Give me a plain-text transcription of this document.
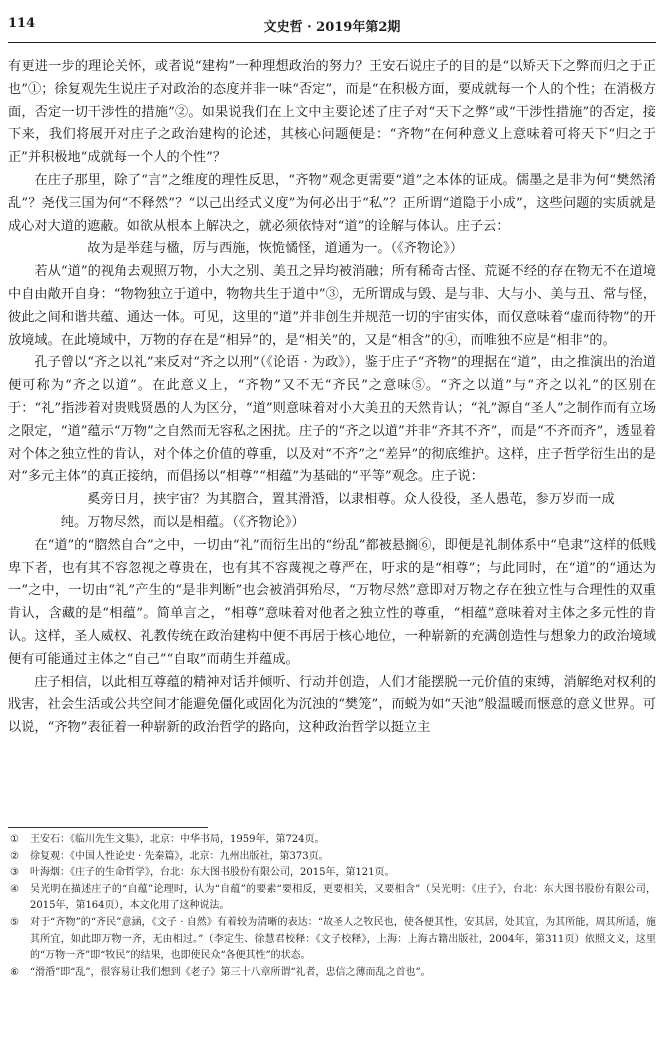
114	文史哲 · 2019年第2期

有更进一步的理论关怀，或者说“建构”一种理想政治的努力？王安石说庄子的目的是“以矫天下之弊而归之于正也”①；徐复观先生说庄子对政治的态度并非一味“否定”，而是“在积极方面，要成就每一个人的个性；在消极方面，否定一切干涉性的措施”②。如果说我们在上文中主要论述了庄子对“天下之弊”或“干涉性措施”的否定，接下来，我们将展开对庄子之政治建构的论述，其核心问题便是：“齐物”在何种意义上意味着可将天下“归之于正”并积极地“成就每一个人的个性”？

在庄子那里，除了“言”之维度的理性反思，“齐物”观念更需要“道”之本体的证成。儒墨之是非为何“樊然淆乱”？尧伐三国为何“不释然”？“以己出经式义度”为何必出于“私”？正所谓“道隐于小成”，这些问题的实质就是成心对大道的遮蔽。如欲从根本上解决之，就必须依恃对“道”的诠解与体认。庄子云：

故为是举莛与楹，厉与西施，恢恑憰怪，道通为一。（《齐物论》）

若从“道”的视角去观照万物，小大之别、美丑之异均被消融；所有稀奇古怪、荒诞不经的存在物无不在道境中自由敞开自身：“物物独立于道中，物物共生于道中”③，无所谓成与毁、是与非、大与小、美与丑、常与怪，彼此之间和谐共蕴、通达一体。可见，这里的“道”并非创生并规范一切的宇宙实体，而仅意味着“虚而待物”的开放境域。在此境域中，万物的存在是“相异”的，是“相关”的，又是“相含”的④，而唯独不应是“相非”的。

孔子曾以“齐之以礼”来反对“齐之以刑”（《论语 · 为政》），鉴于庄子“齐物”的理据在“道”，由之推演出的治道便可称为“齐之以道”。在此意义上，“齐物”又不无“齐民”之意味⑤。“齐之以道”与“齐之以礼”的区别在于：“礼”指涉着对贵贱贤愚的人为区分，“道”则意味着对小大美丑的天然肯认；“礼”源自“圣人”之制作而有立场之限定，“道”蕴示“万物”之自然而无容私之困扰。庄子的“齐之以道”并非“齐其不齐”，而是“不齐而齐”，透显着对个体之独立性的肯认，对个体之价值的尊重，以及对“不齐”之“差异”的彻底维护。这样，庄子哲学衍生出的是对“多元主体”的真正接纳，而倡扬以“相尊”“相蕴”为基础的“平等”观念。庄子说：

奚旁日月，挟宇宙？为其脗合，置其滑涽，以隶相尊。众人役役，圣人愚芚，参万岁而一成
纯。万物尽然，而以是相蕴。（《齐物论》）

在“道”的“脗然自合”之中，一切由“礼”而衍生出的“纷乱”都被悬搁⑥，即便是礼制体系中“皂隶”这样的低贱卑下者，也有其不容忽视之尊贵在，也有其不容蔑视之尊严在，吁求的是“相尊”；与此同时，在“道”的“通达为一”之中，一切由“礼”产生的“是非判断”也会被消弭殆尽，“万物尽然”意即对万物之存在独立性与合理性的双重肯认，含藏的是“相蕴”。简单言之，“相尊”意味着对他者之独立性的尊重，“相蕴”意味着对主体之多元性的肯认。这样，圣人威权、礼教传统在政治建构中便不再居于核心地位，一种崭新的充满创造性与想象力的政治境域便有可能通过主体之“自己”“自取”而萌生并蕴成。

庄子相信，以此相互尊蕴的精神对话并倾听、行动并创造，人们才能摆脱一元价值的束缚，消解绝对权利的戕害，社会生活或公共空间才能避免僵化或固化为沉浊的“樊笼”，而蜕为如“天池”般温暖而惬意的意义世界。可以说，“齐物”表征着一种崭新的政治哲学的路向，这种政治哲学以挺立主

① 王安石：《临川先生文集》，北京：中华书局，1959年，第724页。

② 徐复观：《中国人性论史 · 先秦篇》，北京：九州出版社，第373页。

③ 叶海烟：《庄子的生命哲学》，台北：东大图书股份有限公司，2015年，第121页。

④ 吴光明在描述庄子的“自蕴”论理时，认为“自蕴”的要素“要相反，更要相关，又要相含”（吴光明：《庄子》，台北：东大图书股份有限公司，2015年，第164页），本文化用了这种说法。

⑤ 对于“齐物”的“齐民”意涵，《文子 · 自然》有着较为清晰的表达：“故圣人之牧民也，使各便其性，安其居，处其宜，为其所能，周其所适，施其所宜，如此即万物一齐，无由相过。”（李定生、徐慧君校释：《文子校释》，上海：上海古籍出版社，2004年，第311页）依照文义，这里的“万物一齐”即“牧民”的结果，也即使民众“各便其性”的状态。

⑥ “滑涽”即“乱”，很容易让我们想到《老子》第三十八章所谓“礼者，忠信之薄而乱之首也”。
